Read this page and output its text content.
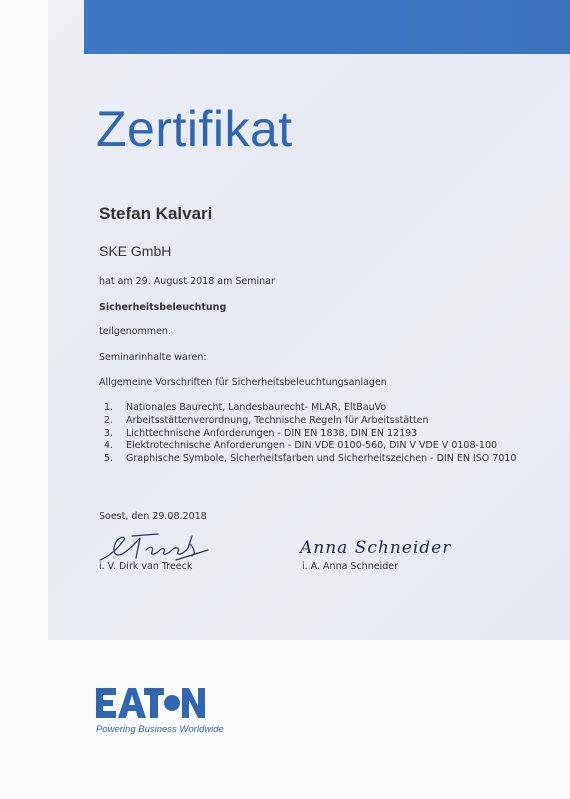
Zertifikat
Stefan Kalvari
SKE GmbH
hat am 29. August 2018 am Seminar
Sicherheitsbeleuchtung
teilgenommen.
Seminarinhalte waren:
Allgemeine Vorschriften für Sicherheitsbeleuchtungsanlagen
1. Nationales Baurecht, Landesbaurecht- MLAR, EltBauVo
2. Arbeitsstättenverordnung, Technische Regeln für Arbeitsstätten
3. Lichttechnische Anforderungen - DIN EN 1838, DIN EN 12193
4. Elektrotechnische Anforderungen - DIN VDE 0100-560, DIN V VDE V 0108-100
5. Graphische Symbole, Sicherheitsfarben und Sicherheitszeichen - DIN EN ISO 7010
Soest, den 29.08.2018
i. V. Dirk van Treeck
Anna Schneider
i. A. Anna Schneider
Powering Business Worldwide
